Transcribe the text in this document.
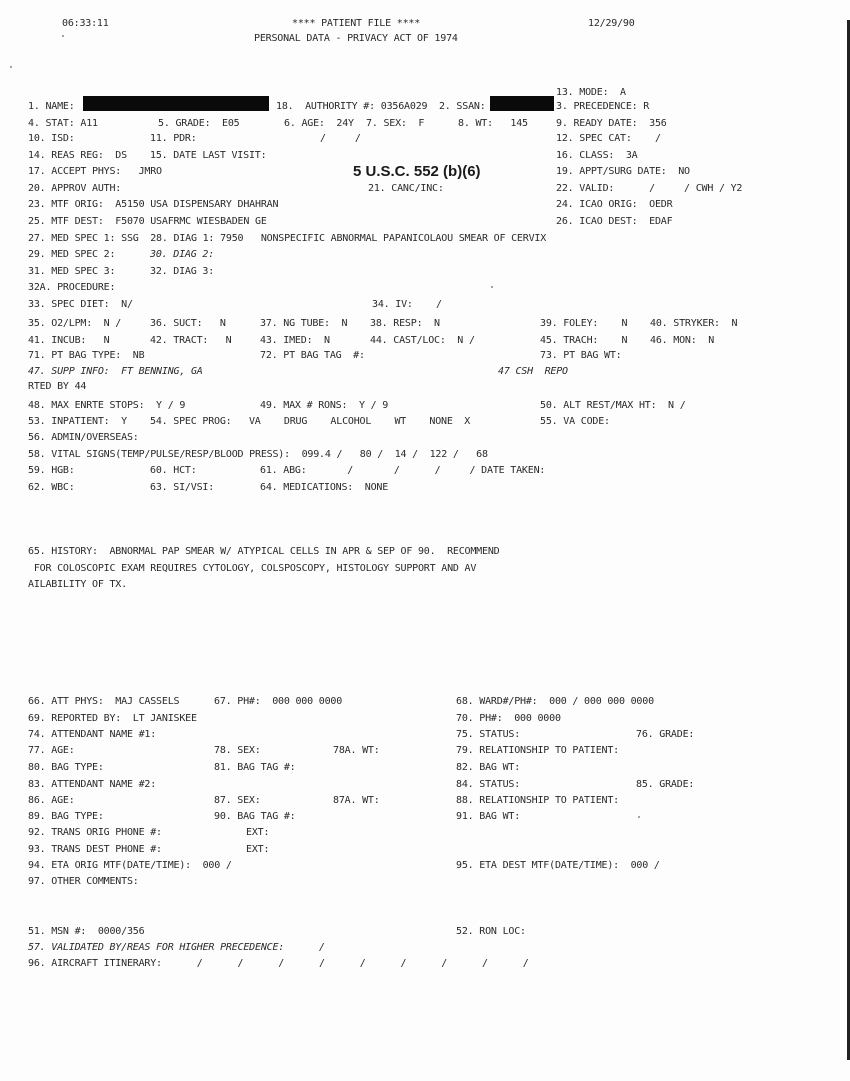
06:33:11	**** PATIENT FILE ****
PERSONAL DATA - PRIVACY ACT OF 1974
12/29/90
13. MODE:  A
1. NAME:	18.  AUTHORITY #: 0356A029  2. SSAN:	3. PRECEDENCE: R
4. STAT: A11	5. GRADE:  E05	6. AGE:  24Y 7. SEX:  F	8. WT:   145	9. READY DATE:  356
10. ISD:	11. PDR:	/     /	12. SPEC CAT:    /
14. REAS REG:  DS 15. DATE LAST VISIT:	16. CLASS:  3A
17. ACCEPT PHYS:   JMRO	5 U.S.C. 552 (b)(6)	19. APPT/SURG DATE:  NO
20. APPROV AUTH:	21. CANC/INC:	22. VALID:      /     / CWH / Y2
23. MTF ORIG:  A5150 USA DISPENSARY DHAHRAN	24. ICAO ORIG:  OEDR
25. MTF DEST:  F5070 USAFRMC WIESBADEN GE	26. ICAO DEST:  EDAF
27. MED SPEC 1: SSG  28. DIAG 1: 7950   NONSPECIFIC ABNORMAL PAPANICOLAOU SMEAR OF CERVIX
29. MED SPEC 2:	30. DIAG 2:
31. MED SPEC 3:	32. DIAG 3:
32A. PROCEDURE:
33. SPEC DIET:  N/	34. IV:    /
35. O2/LPM:  N /	36. SUCT:   N	37. NG TUBE:  N 38. RESP:  N	39. FOLEY:    N 40. STRYKER:  N
41. INCUB:   N	42. TRACT:   N	43. IMED:  N	44. CAST/LOC:  N /	45. TRACH:    N 46. MON:  N
71. PT BAG TYPE:  NB	72. PT BAG TAG  #:	73. PT BAG WT:
47. SUPP INFO:  FT BENNING, GA	47 CSH  REPO
RTED BY 44
48. MAX ENRTE STOPS:  Y / 9	49. MAX # RONS:  Y / 9	50. ALT REST/MAX HT:  N /
53. INPATIENT:  Y 54. SPEC PROG:   VA    DRUG    ALCOHOL    WT    NONE  X	55. VA CODE:
56. ADMIN/OVERSEAS:
58. VITAL SIGNS(TEMP/PULSE/RESP/BLOOD PRESS):  099.4 /   80 /  14 /  122 /   68
59. HGB:	60. HCT:	61. ABG:       /       /      /     / DATE TAKEN:
62. WBC:	63. SI/VSI:	64. MEDICATIONS:  NONE
65. HISTORY:  ABNORMAL PAP SMEAR W/ ATYPICAL CELLS IN APR & SEP OF 90.  RECOMMEND
FOR COLOSCOPIC EXAM REQUIRES CYTOLOGY, COLSPOSCOPY, HISTOLOGY SUPPORT AND AV
AILABILITY OF TX.
66. ATT PHYS:  MAJ CASSELS	67. PH#:  000 000 0000	68. WARD#/PH#:  000 / 000 000 0000
69. REPORTED BY:  LT JANISKEE	70. PH#:  000 0000
74. ATTENDANT NAME #1:	75. STATUS:	76. GRADE:
77. AGE:	78. SEX:	78A. WT:	79. RELATIONSHIP TO PATIENT:
80. BAG TYPE:	81. BAG TAG #:	82. BAG WT:
83. ATTENDANT NAME #2:	84. STATUS:	85. GRADE:
86. AGE:	87. SEX:	87A. WT:	88. RELATIONSHIP TO PATIENT:
89. BAG TYPE:	90. BAG TAG #:	91. BAG WT:
92. TRANS ORIG PHONE #:	EXT:
93. TRANS DEST PHONE #:	EXT:
94. ETA ORIG MTF(DATE/TIME):  000 /	95. ETA DEST MTF(DATE/TIME):  000 /
97. OTHER COMMENTS:
51. MSN #:  0000/356	52. RON LOC:
57. VALIDATED BY/REAS FOR HIGHER PRECEDENCE:      /
96. AIRCRAFT ITINERARY:      /      /      /      /      /      /      /      /      /
